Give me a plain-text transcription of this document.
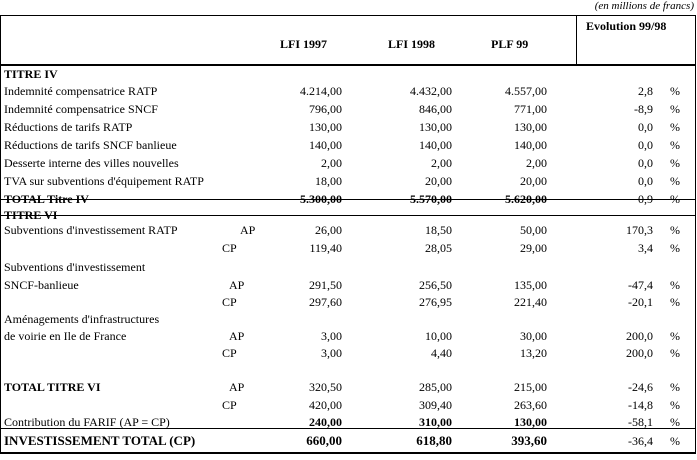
(en millions de francs)
LFI 1997	LFI 1998	PLF 99
Evolution 99/98
TITRE IV
Indemnité compensatrice RATP	4.214,00	4.432,00	4.557,00	2,8 %
Indemnité compensatrice SNCF	796,00	846,00	771,00	-8,9 %
Réductions de tarifs RATP	130,00	130,00	130,00	0,0 %
Réductions de tarifs SNCF banlieue	140,00	140,00	140,00	0,0 %
Desserte interne des villes nouvelles	2,00	2,00	2,00	0,0 %
TVA sur subventions d'équipement RATP	18,00	20,00	20,00	0,0 %
TOTAL Titre IV	5.300,00	5.570,00	5.620,00	0,9 %
TITRE VI
Subventions d'investissement RATP	AP	26,00	18,50	50,00	170,3 %
CP	119,40	28,05	29,00	3,4 %
Subventions d'investissement
SNCF-banlieue	AP	291,50	256,50	135,00	-47,4 %
CP	297,60	276,95	221,40	-20,1 %
Aménagements d'infrastructures
de voirie en Ile de France	AP	3,00	10,00	30,00	200,0 %
CP	3,00	4,40	13,20	200,0 %
TOTAL TITRE VI	AP	320,50	285,00	215,00	-24,6 %
CP	420,00	309,40	263,60	-14,8 %
Contribution du FARIF (AP = CP)	240,00	310,00	130,00	-58,1 %
INVESTISSEMENT TOTAL (CP)	660,00	618,80	393,60	-36,4 %
